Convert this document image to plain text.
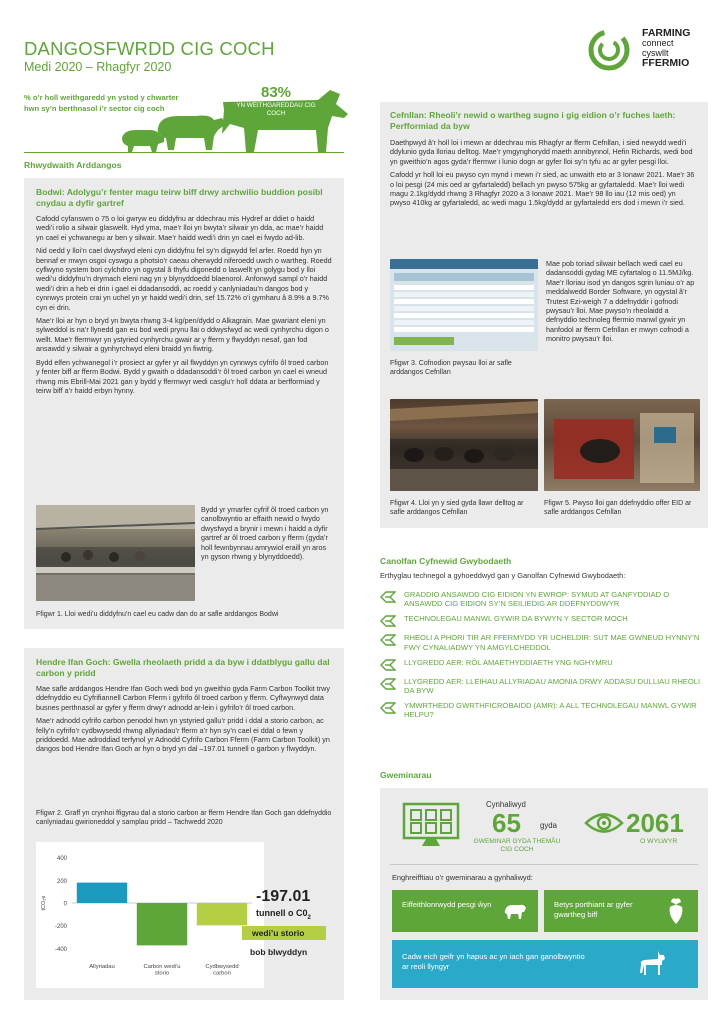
DANGOSFWRDD CIG COCH
Medi 2020 – Rhagfyr 2020
FARMING
connect
cyswllt
FFERMIO
% o’r holl weithgaredd yn ystod y chwarter hwn sy’n berthnasol i’r sector cig coch
83%
YN WEITHGAREDDAU CIG COCH
Rhwydwaith Arddangos
Bodwi: Adolygu’r fenter magu teirw biff drwy archwilio buddion posibl cnydau a dyfir gartref

Cafodd cyfanswm o 75 o loi gwryw eu diddyfnu ar ddechrau mis Hydref ar ddiet o haidd wedi’i rolio a silwair glaswellt. Hyd yma, mae’r lloi yn bwyta’r silwair yn dda, ac mae’r haidd yn cael ei ychwanegu ar ben y silwair. Mae’r haidd wedi’i drin yn cael ei fwydo ad-lib.

Nid oedd y lloi’n cael dwysfwyd eleni cyn diddyfnu fel sy’n digwydd fel arfer. Roedd hyn yn bennaf er mwyn osgoi cyswgu a photsio’r caeau oherwydd niferoedd uwch o wartheg. Roedd cyflwyno system bori cylchdro yn ogystal â thyfu digonedd o laswellt yn golygu bod y lloi wedi’u diddyfnu’n drymach eleni nag yn y blynyddoedd blaenorol. Anfonwyd sampl o’r haidd wedi’i drin a heb ei drin i gael ei ddadansoddi, ac roedd y canlyniadau’n dangos bod y cynnwys protein crai yn uchel yn yr haidd wedi’i drin, sef 15.72% o’i gymharu â 8.9% a 9.7% cyn ei drin.

Mae’r lloi ar hyn o bryd yn bwyta rhwng 3-4 kg/pen/dydd o Alkagrain. Mae gwariant eleni yn sylweddol is na’r llynedd gan eu bod wedi prynu llai o ddwysfwyd ac wedi cynhyrchu digon o wellt. Mae’r ffermwyr yn ystyried cynhyrchu gwair ar y fferm y flwyddyn nesaf, gan fod ansawdd y silwair a gynhyrchwyd eleni braidd yn fiwtrig.

Bydd elfen ychwanegol i’r prosiect ar gyfer yr ail flwyddyn yn cynnwys cyfrifo ôl troed carbon y fenter biff ar fferm Bodwi. Bydd y gwaith o ddadansoddi’r ôl troed carbon yn cael ei wneud rhwng mis Ebrill-Mai 2021 gan y bydd y ffermwyr wedi casglu’r holl ddata ar berfformiad y teirw biff a’r haidd erbyn hynny.

Bydd yr ymarfer cyfrif ôl troed carbon yn canolbwyntio ar effaith newid o fwydo dwysfwyd a brynir i mewn i haidd a dyfir gartref ar ôl troed carbon y fferm (gyda’r holl fewnbynnau amrywiol eraill yn aros yn gyson rhwng y blynyddoedd).
Ffigwr 1. Lloi wedi’u diddyfnu’n cael eu cadw dan do ar safle arddangos Bodwi
Hendre Ifan Goch: Gwella rheolaeth pridd a da byw i ddatblygu gallu dal carbon y pridd

Mae safle arddangos Hendre Ifan Goch wedi bod yn gweithio gyda Farm Carbon Toolkit trwy ddefnyddio eu Cyfrifiannell Carbon Fferm i gyfrifo ôl troed carbon y fferm. Cyflwynwyd data busnes perthnasol ar gyfer y fferm drwy’r adnodd ar-lein i gyfrifo’r ôl troed carbon.

Mae’r adnodd cyfrifo carbon penodol hwn yn ystyried gallu’r pridd i ddal a storio carbon, ac felly’n cyfrifo’r cydbwysedd rhwng allyriadau’r fferm a’r hyn sy’n cael ei ddal o fewn y priddoedd. Mae adroddiad terfynol yr Adnodd Cyfrifo Carbon Fferm (Farm Carbon Toolkit) yn dangos bod Hendre Ifan Goch ar hyn o bryd yn dal –197.01 tunnell o garbon y flwyddyn.

Ffigwr 2. Graff yn crynhoi ffigyrau dal a storio carbon ar fferm Hendre Ifan Goch gan ddefnyddio canlyniadau gwirioneddol y samplau pridd – Tachwedd 2020
400
200
0
-200
-400
tCO₂e
Allyriadau	Carbon wedi’u storio
Cydbwysedd carbon
-197.01
tunnell o $C0_2$
wedi’u storio
bob blwyddyn
Cefnllan: Rheoli’r newid o wartheg sugno i gig eidion o’r fuches laeth: Perfformiad da byw

Daethpwyd â’r holl loi i mewn ar ddechrau mis Rhagfyr ar fferm Cefnllan, i sied newydd wedi’i ddylunio gyda lloriau delltog. Mae’r ymgynghorydd maeth annibynnol, Hefin Richards, wedi bod yn gweithio’n agos gyda’r ffermwr i lunio dogn ar gyfer lloi sy’n tyfu ac ar gyfer pesgi lloi.

Cafodd yr holl loi eu pwyso cyn mynd i mewn i’r sied, ac unwaith eto ar 3 Ionawr 2021. Mae’r 36 o loi pesgi (24 mis oed ar gyfartaledd) bellach yn pwyso 575kg ar gyfartaledd. Mae’r lloi wedi magu 2.1kg/dydd rhwng 3 Rhagfyr 2020 a 3 Ionawr 2021. Mae’r 98 llo iau (12 mis oed) yn pwyso 410kg ar gyfartaledd, ac wedi magu 1.5kg/dydd ar gyfartaledd ers dod i mewn i’r sied.

Mae pob toriad silwair bellach wedi cael eu dadansoddi gydag ME cyfartalog o 11.5MJ/kg. Mae’r lloriau isod yn dangos sgrin luniau o’r ap meddalwedd Border Software, yn ogystal â’r Trutest Ezi-weigh 7 a ddefnyddir i gofnodi pwysau’r lloi. Mae pwyso’n rheolaidd a defnyddio technoleg ffermio manwl gywir yn hanfodol ar fferm Cefnllan er mwyn cofnodi a monitro pwysau’r lloi.
Ffigwr 3. Cofnodion pwysau lloi ar safle arddangos Cefnllan
Ffigwr 4. Lloi yn y sied gyda llawr delltog ar safle arddangos Cefnllan
Ffigwr 5. Pwyso lloi gan ddefnyddio offer EID ar safle arddangos Cefnllan
Canolfan Cyfnewid Gwybodaeth
Erthyglau technegol a gyhoeddwyd gan y Ganolfan Cyfnewid Gwybodaeth:
GRADDIO ANSAWDD CIG EIDION YN EWROP: SYMUD AT GANFYDDIAD O ANSAWDD CIG EIDION SY’N SEILIEDIG AR DDEFNYDDWYR
TECHNOLEGAU MANWL GYWIR DA BYWYN Y SECTOR MOCH
RHEOLI A PHORI TIR AR FFERMYDD YR UCHELDIR: SUT MAE GWNEUD HYNNY’N FWY CYNALIADWY YN AMGYLCHEDDOL
LLYGREDD AER: RÔL AMAETHYDDIAETH YNG NGHYMRU
LLYGREDD AER: LLEIHAU ALLYRIADAU AMONIA DRWY ADDASU DULLIAU RHEOLI DA BYW
YMWRTHEDD GWRTHFICROBAIDD (AMR): A ALL TECHNOLEGAU MANWL GYWIR HELPU?
Gweminarau
Cynhaliwyd
65 gyda
GWEMINAR GYDA THEMÂU CIG COCH
2061
O WYLWYR
Enghreifftiau o’r gweminarau a gynhaliwyd:
Eiffeithlonrwydd pesgi ŵyn	Betys porthiant ar gyfer gwartheg biff
Cadw eich geifr yn hapus ac yn iach gan ganolbwyntio ar reoli llyngyr
